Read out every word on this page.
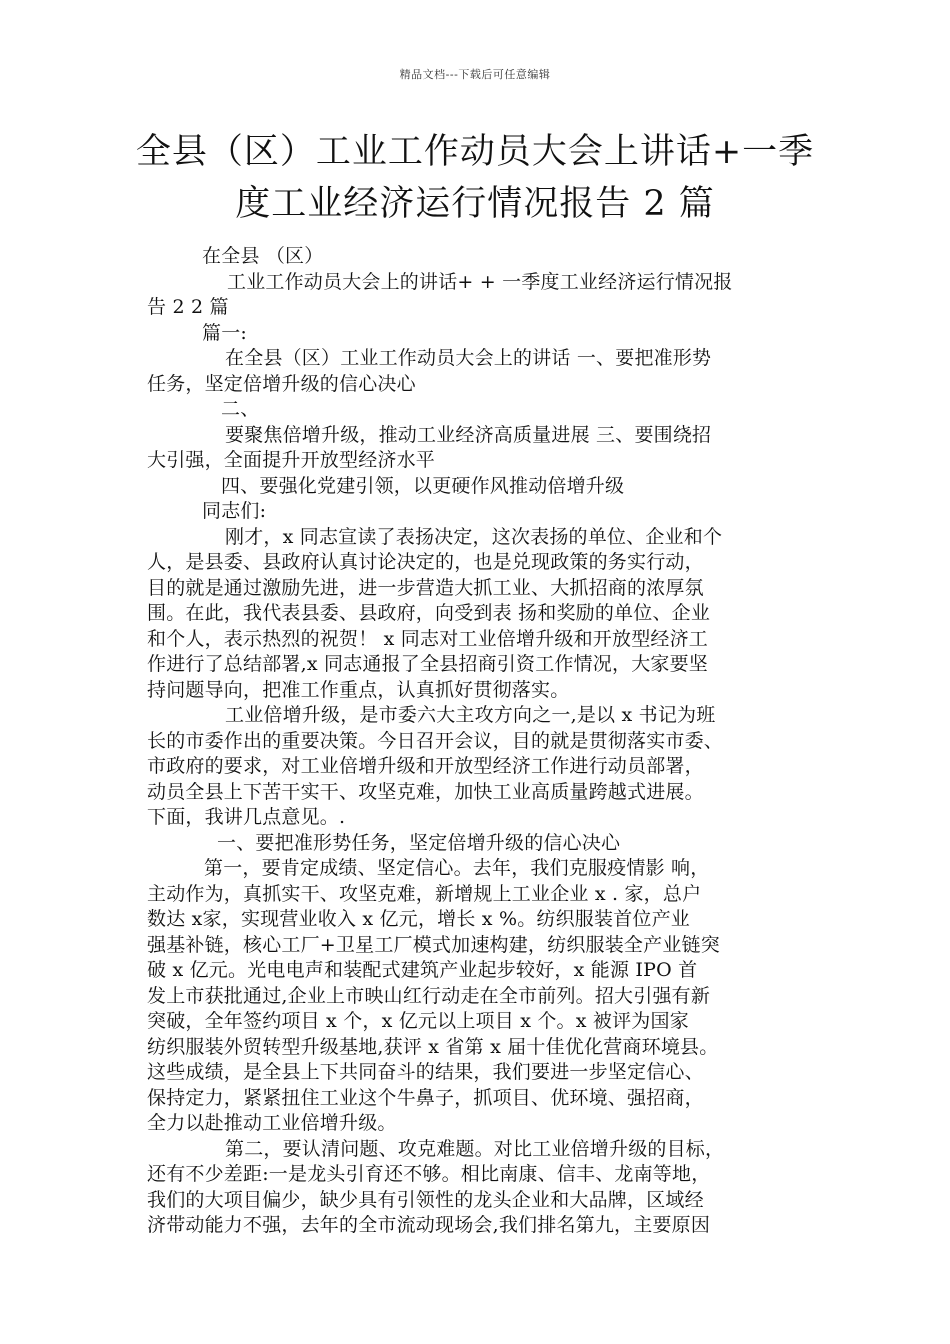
精品文档---下载后可任意编辑
全县（区）工业工作动员大会上讲话+一季
度工业经济运行情况报告 2 篇
在全县 （区）
工业工作动员大会上的讲话+ + 一季度工业经济运行情况报
告 2 2 篇
篇一:
在全县（区）工业工作动员大会上的讲话 一、要把准形势
任务，坚定倍增升级的信心决心
二、
要聚焦倍增升级，推动工业经济高质量进展 三、要围绕招
大引强，全面提升开放型经济水平
四、要强化党建引领，以更硬作风推动倍增升级
同志们:
刚才，x 同志宣读了表扬决定，这次表扬的单位、企业和个
人，是县委、县政府认真讨论决定的，也是兑现政策的务实行动，
目的就是通过激励先进，进一步营造大抓工业、大抓招商的浓厚氛
围。在此，我代表县委、县政府，向受到表 扬和奖励的单位、企业
和个人，表示热烈的祝贺！ x 同志对工业倍增升级和开放型经济工
作进行了总结部署,x 同志通报了全县招商引资工作情况，大家要坚
持问题导向，把准工作重点，认真抓好贯彻落实。
工业倍增升级，是市委六大主攻方向之一,是以 x 书记为班
长的市委作出的重要决策。今日召开会议，目的就是贯彻落实市委、
市政府的要求，对工业倍增升级和开放型经济工作进行动员部署，
动员全县上下苦干实干、攻坚克难，加快工业高质量跨越式进展。
下面，我讲几点意见。.
一、要把准形势任务，坚定倍增升级的信心决心
第一，要肯定成绩、坚定信心。去年，我们克服疫情影 响，
主动作为，真抓实干、攻坚克难，新增规上工业企业 x . 家，总户
数达 x家，实现营业收入 x 亿元，增长 x %。纺织服装首位产业
强基补链，核心工厂+卫星工厂模式加速构建，纺织服装全产业链突
破 x 亿元。光电电声和装配式建筑产业起步较好，x 能源 IPO 首
发上市获批通过,企业上市映山红行动走在全市前列。招大引强有新
突破，全年签约项目 x 个，x 亿元以上项目 x 个。x 被评为国家
纺织服装外贸转型升级基地,获评 x 省第 x 届十佳优化营商环境县。
这些成绩，是全县上下共同奋斗的结果，我们要进一步坚定信心、
保持定力，紧紧扭住工业这个牛鼻子，抓项目、优环境、强招商，
全力以赴推动工业倍增升级。
第二，要认清问题、攻克难题。对比工业倍增升级的目标，
还有不少差距:一是龙头引育还不够。相比南康、信丰、龙南等地，
我们的大项目偏少，缺少具有引领性的龙头企业和大品牌，区域经
济带动能力不强，去年的全市流动现场会,我们排名第九，主要原因
